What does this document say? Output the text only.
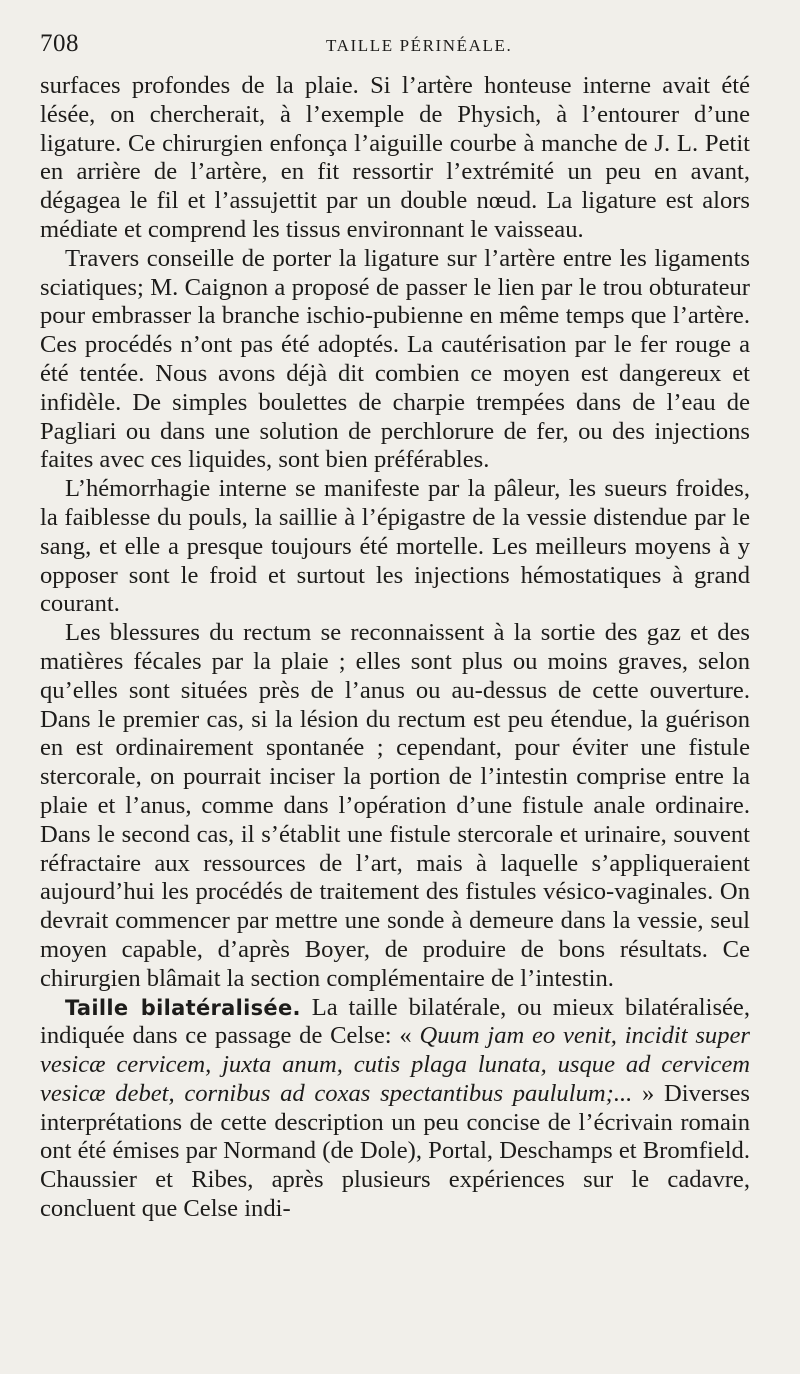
708	TAILLE PÉRINÉALE.

surfaces profondes de la plaie. Si l’artère honteuse interne avait été lésée, on chercherait, à l’exemple de Physich, à l’entourer d’une ligature. Ce chirurgien enfonça l’aiguille courbe à manche de J. L. Petit en arrière de l’artère, en fit ressortir l’extrémité un peu en avant, dégagea le fil et l’assujettit par un double nœud. La ligature est alors médiate et comprend les tissus environnant le vaisseau.

Travers conseille de porter la ligature sur l’artère entre les ligaments sciatiques; M. Caignon a proposé de passer le lien par le trou obturateur pour embrasser la branche ischio-pubienne en même temps que l’artère. Ces procédés n’ont pas été adoptés. La cautérisation par le fer rouge a été tentée. Nous avons déjà dit combien ce moyen est dangereux et infidèle. De simples boulettes de charpie trempées dans de l’eau de Pagliari ou dans une solution de perchlorure de fer, ou des injections faites avec ces liquides, sont bien préférables.

L’hémorrhagie interne se manifeste par la pâleur, les sueurs froides, la faiblesse du pouls, la saillie à l’épigastre de la vessie distendue par le sang, et elle a presque toujours été mortelle. Les meilleurs moyens à y opposer sont le froid et surtout les injections hémostatiques à grand courant.

Les blessures du rectum se reconnaissent à la sortie des gaz et des matières fécales par la plaie ; elles sont plus ou moins graves, selon qu’elles sont situées près de l’anus ou au-dessus de cette ouverture. Dans le premier cas, si la lésion du rectum est peu étendue, la guérison en est ordinairement spontanée ; cependant, pour éviter une fistule stercorale, on pourrait inciser la portion de l’intestin comprise entre la plaie et l’anus, comme dans l’opération d’une fistule anale ordinaire. Dans le second cas, il s’établit une fistule stercorale et urinaire, souvent réfractaire aux ressources de l’art, mais à laquelle s’appliqueraient aujourd’hui les procédés de traitement des fistules vésico-vaginales. On devrait commencer par mettre une sonde à demeure dans la vessie, seul moyen capable, d’après Boyer, de produire de bons résultats. Ce chirurgien blâmait la section complémentaire de l’intestin.

Taille bilatéralisée. La taille bilatérale, ou mieux bilatéralisée, indiquée dans ce passage de Celse: « Quum jam eo venit, incidit super vesicæ cervicem, juxta anum, cutis plaga lunata, usque ad cervicem vesicæ debet, cornibus ad coxas spectantibus paululum;... » Diverses interprétations de cette description un peu concise de l’écrivain romain ont été émises par Normand (de Dole), Portal, Deschamps et Bromfield. Chaussier et Ribes, après plusieurs expériences sur le cadavre, concluent que Celse indi-
